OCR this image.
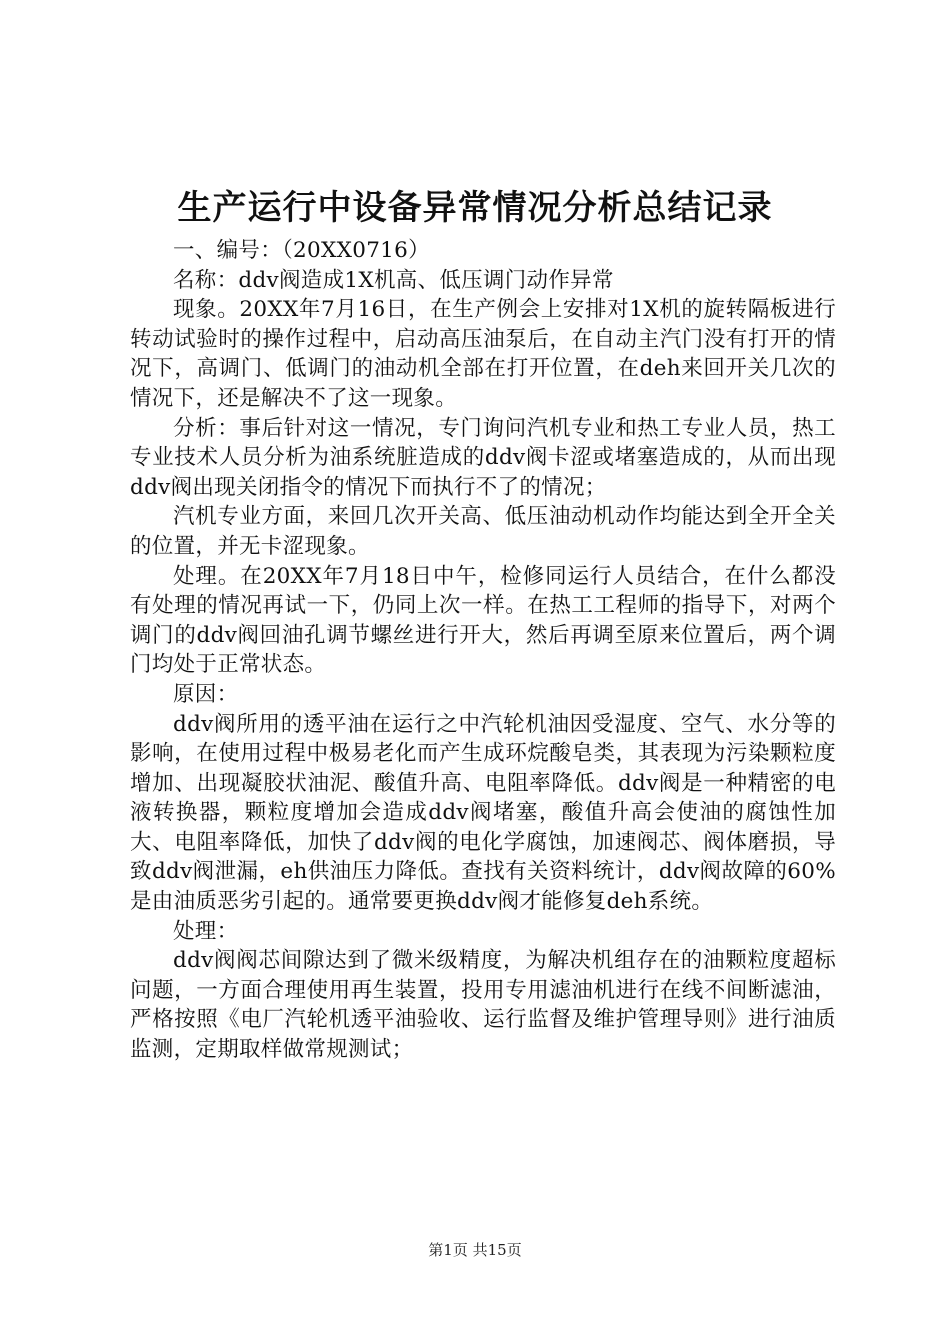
生产运行中设备异常情况分析总结记录

一、编号：（20XX0716）

名称：ddv阀造成1X机高、低压调门动作异常

现象。20XX年7月16日，在生产例会上安排对1X机的旋转隔板进行转动试验时的操作过程中，启动高压油泵后，在自动主汽门没有打开的情况下，高调门、低调门的油动机全部在打开位置，在deh来回开关几次的情况下，还是解决不了这一现象。

分析：事后针对这一情况，专门询问汽机专业和热工专业人员，热工专业技术人员分析为油系统脏造成的ddv阀卡涩或堵塞造成的，从而出现ddv阀出现关闭指令的情况下而执行不了的情况；

汽机专业方面，来回几次开关高、低压油动机动作均能达到全开全关的位置，并无卡涩现象。

处理。在20XX年7月18日中午，检修同运行人员结合，在什么都没有处理的情况再试一下，仍同上次一样。在热工工程师的指导下，对两个调门的ddv阀回油孔调节螺丝进行开大，然后再调至原来位置后，两个调门均处于正常状态。

原因：

ddv阀所用的透平油在运行之中汽轮机油因受湿度、空气、水分等的影响，在使用过程中极易老化而产生成环烷酸皂类，其表现为污染颗粒度增加、出现凝胶状油泥、酸值升高、电阻率降低。ddv阀是一种精密的电液转换器，颗粒度增加会造成ddv阀堵塞，酸值升高会使油的腐蚀性加大、电阻率降低，加快了ddv阀的电化学腐蚀，加速阀芯、阀体磨损，导致ddv阀泄漏，eh供油压力降低。查找有关资料统计，ddv阀故障的60%是由油质恶劣引起的。通常要更换ddv阀才能修复deh系统。

处理：

ddv阀阀芯间隙达到了微米级精度，为解决机组存在的油颗粒度超标问题，一方面合理使用再生装置，投用专用滤油机进行在线不间断滤油，严格按照《电厂汽轮机透平油验收、运行监督及维护管理导则》进行油质监测，定期取样做常规测试；

第1页 共15页
